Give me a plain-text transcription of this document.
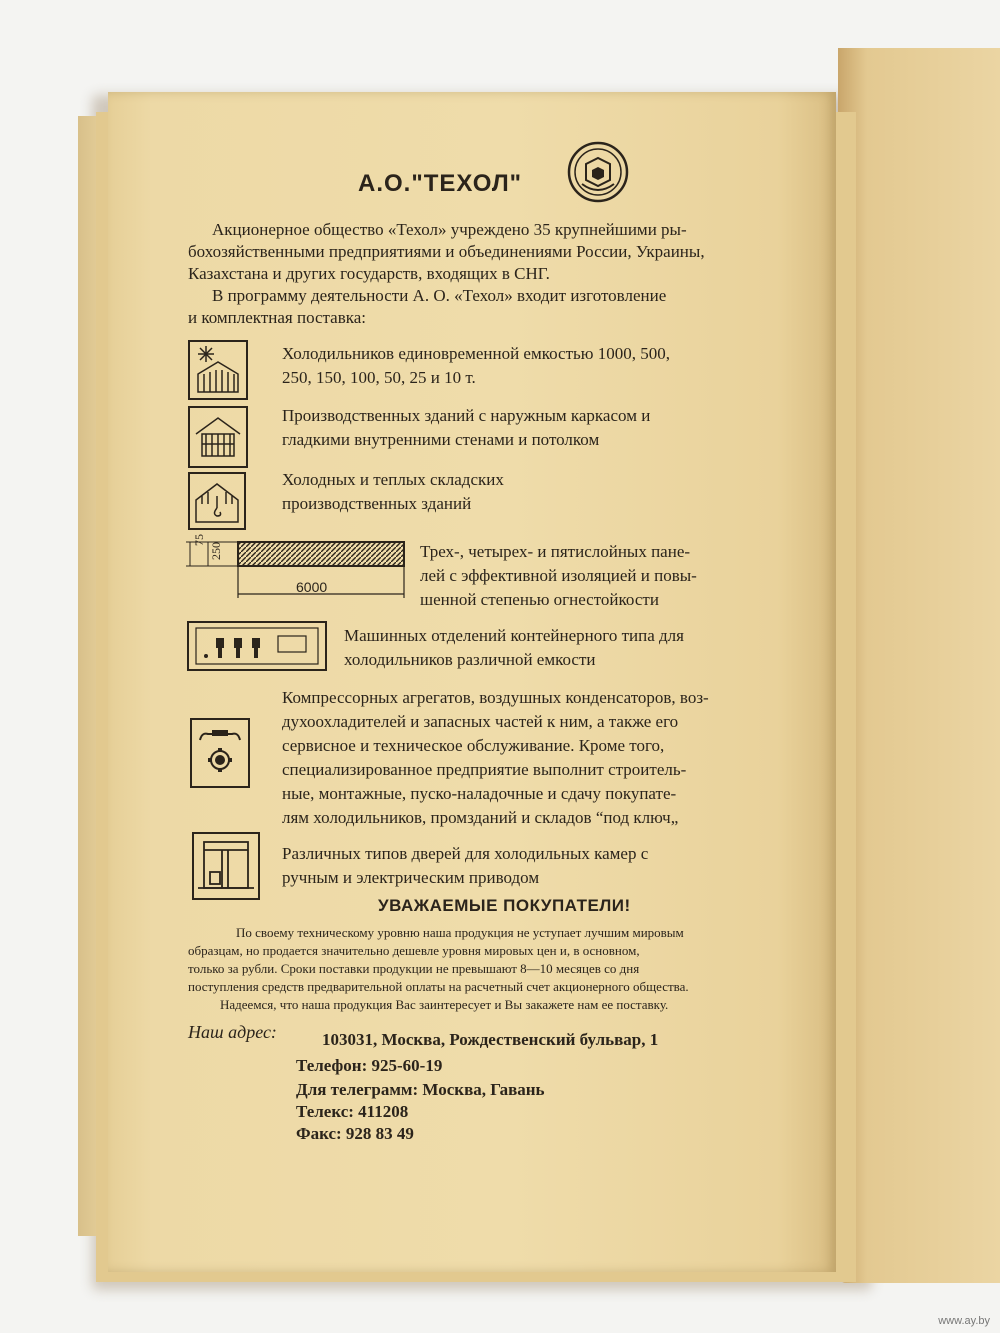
А.О."ТЕХОЛ"
Акционерное общество «Техол» учреждено 35 крупнейшими ры-
бохозяйственными предприятиями и объединениями России, Украины,
Казахстана и других государств, входящих в СНГ.
В программу деятельности А. О. «Техол» входит изготовление
и комплектная поставка:
Холодильников единовременной емкостью 1000, 500,
250, 150, 100, 50, 25 и 10 т.
Производственных зданий с наружным каркасом и
гладкими внутренними стенами и потолком
Холодных и теплых складских
производственных зданий
75
250
6000
Трех-, четырех- и пятислойных пане-
лей с эффективной изоляцией и повы-
шенной степенью огнестойкости
Машинных отделений контейнерного типа для
холодильников различной емкости
Компрессорных агрегатов, воздушных конденсаторов, воз-
духоохладителей и запасных частей к ним, а также его
сервисное и техническое обслуживание. Кроме того,
специализированное предприятие выполнит строитель-
ные, монтажные, пуско-наладочные и сдачу покупате-
лям холодильников, промзданий и складов “под ключ„
Различных типов дверей для холодильных камер с
ручным и электрическим приводом
УВАЖАЕМЫЕ ПОКУПАТЕЛИ!
По своему техническому уровню наша продукция не уступает лучшим мировым
образцам, но продается значительно дешевле уровня мировых цен и, в основном,
только за рубли. Сроки поставки продукции не превышают 8—10 месяцев со дня
поступления средств предварительной оплаты на расчетный счет акционерного общества.
Надеемся, что наша продукция Вас заинтересует и Вы закажете нам ее поставку.
Наш адрес:	103031, Москва, Рождественский бульвар, 1
Телефон: 925-60-19
Для телеграмм: Москва, Гавань
Телекс: 411208
Факс: 928 83 49
www.ay.by
